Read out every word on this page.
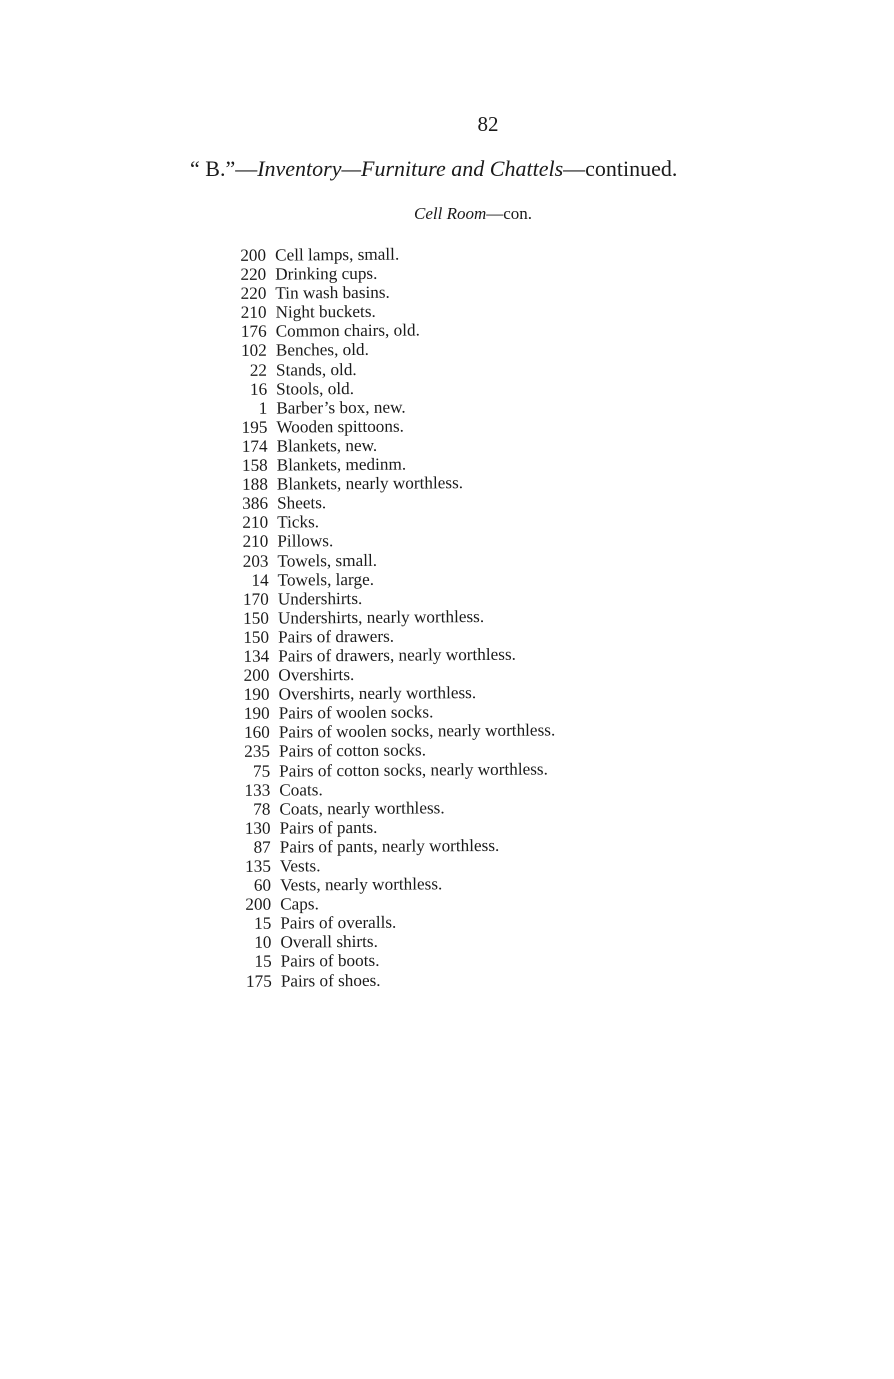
82
“ B.”—Inventory—Furniture and Chattels—continued.
Cell Room—con.
200 Cell lamps, small.
220 Drinking cups.
220 Tin wash basins.
210 Night buckets.
176 Common chairs, old.
102 Benches, old.
22 Stands, old.
16 Stools, old.
1 Barber’s box, new.
195 Wooden spittoons.
174 Blankets, new.
158 Blankets, medinm.
188 Blankets, nearly worthless.
386 Sheets.
210 Ticks.
210 Pillows.
203 Towels, small.
14 Towels, large.
170 Undershirts.
150 Undershirts, nearly worthless.
150 Pairs of drawers.
134 Pairs of drawers, nearly worthless.
200 Overshirts.
190 Overshirts, nearly worthless.
190 Pairs of woolen socks.
160 Pairs of woolen socks, nearly worthless.
235 Pairs of cotton socks.
75 Pairs of cotton socks, nearly worthless.
133 Coats.
78 Coats, nearly worthless.
130 Pairs of pants.
87 Pairs of pants, nearly worthless.
135 Vests.
60 Vests, nearly worthless.
200 Caps.
15 Pairs of overalls.
10 Overall shirts.
15 Pairs of boots.
175 Pairs of shoes.
